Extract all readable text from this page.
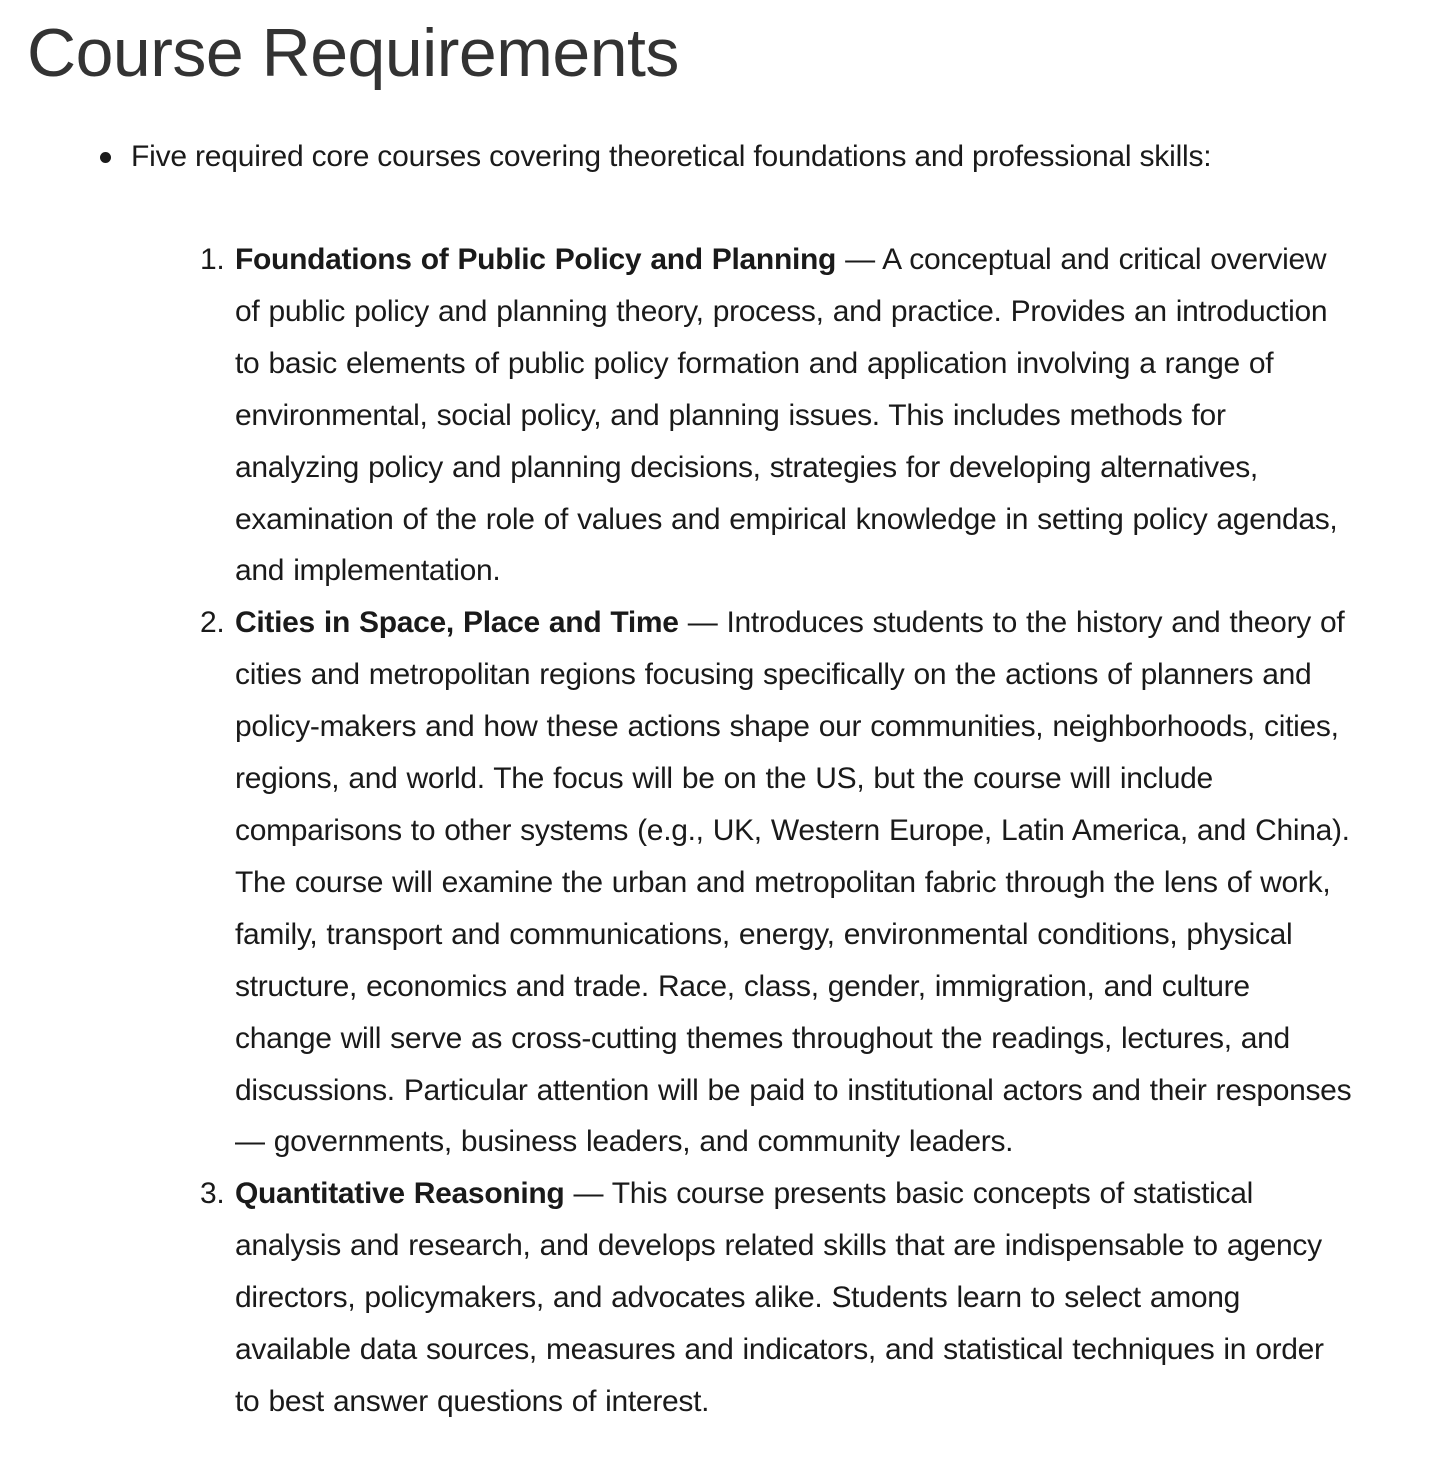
Course Requirements
Five required core courses covering theoretical foundations and professional skills:
1. Foundations of Public Policy and Planning — A conceptual and critical overview of public policy and planning theory, process, and practice. Provides an introduction to basic elements of public policy formation and application involving a range of environmental, social policy, and planning issues. This includes methods for analyzing policy and planning decisions, strategies for developing alternatives, examination of the role of values and empirical knowledge in setting policy agendas, and implementation.
2. Cities in Space, Place and Time — Introduces students to the history and theory of cities and metropolitan regions focusing specifically on the actions of planners and policy-makers and how these actions shape our communities, neighborhoods, cities, regions, and world. The focus will be on the US, but the course will include comparisons to other systems (e.g., UK, Western Europe, Latin America, and China). The course will examine the urban and metropolitan fabric through the lens of work, family, transport and communications, energy, environmental conditions, physical structure, economics and trade. Race, class, gender, immigration, and culture change will serve as cross-cutting themes throughout the readings, lectures, and discussions. Particular attention will be paid to institutional actors and their responses — governments, business leaders, and community leaders.
3. Quantitative Reasoning — This course presents basic concepts of statistical analysis and research, and develops related skills that are indispensable to agency directors, policymakers, and advocates alike. Students learn to select among available data sources, measures and indicators, and statistical techniques in order to best answer questions of interest.
